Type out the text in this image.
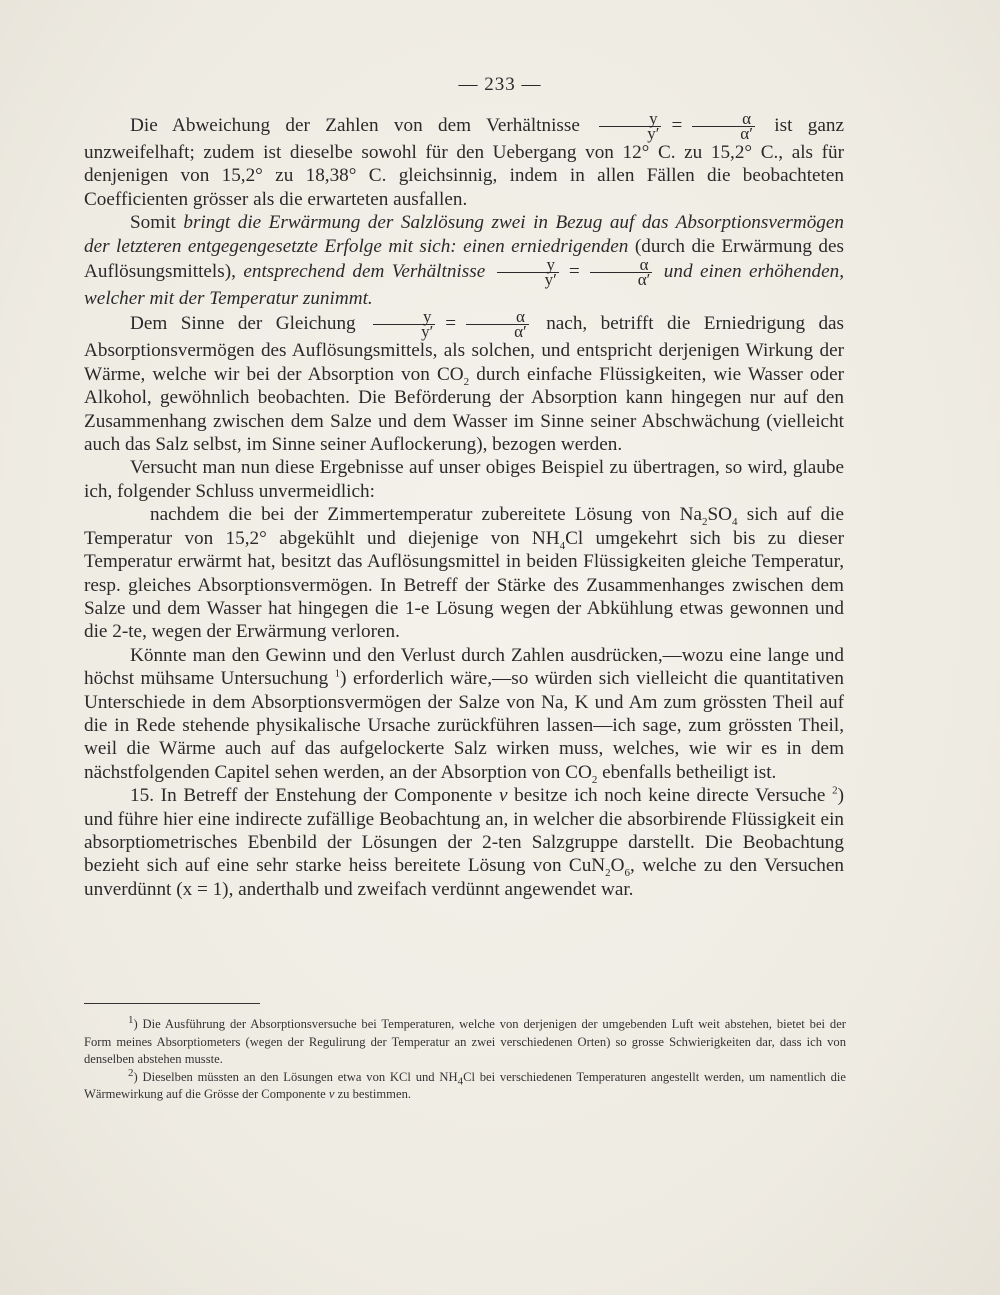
— 233 —

Die Abweichung der Zahlen von dem Verhältnisse $\frac{y}{y'} = \frac{\alpha}{\alpha'}$ ist ganz unzweifelhaft; zudem ist dieselbe sowohl für den Uebergang von 12° C. zu 15,2° C., als für denjenigen von 15,2° zu 18,38° C. gleichsinnig, indem in allen Fällen die beobachteten Coefficienten grösser als die erwarteten ausfallen.

Somit bringt die Erwärmung der Salzlösung zwei in Bezug auf das Absorptionsvermögen der letzteren entgegengesetzte Erfolge mit sich: einen erniedrigenden (durch die Erwärmung des Auflösungsmittels), entsprechend dem Verhältnisse $\frac{y}{y'} = \frac{\alpha}{\alpha'}$ und einen erhöhenden, welcher mit der Temperatur zunimmt.

Dem Sinne der Gleichung $\frac{y}{y'} = \frac{\alpha}{\alpha'}$ nach, betrifft die Erniedrigung das Absorptionsvermögen des Auflösungsmittels, als solchen, und entspricht derjenigen Wirkung der Wärme, welche wir bei der Absorption von $CO_2$ durch einfache Flüssigkeiten, wie Wasser oder Alkohol, gewöhnlich beobachten. Die Beförderung der Absorption kann hingegen nur auf den Zusammenhang zwischen dem Salze und dem Wasser im Sinne seiner Abschwächung (vielleicht auch das Salz selbst, im Sinne seiner Auflockerung), bezogen werden.

Versucht man nun diese Ergebnisse auf unser obiges Beispiel zu übertragen, so wird, glaube ich, folgender Schluss unvermeidlich:

nachdem die bei der Zimmertemperatur zubereitete Lösung von $Na_2SO_4$ sich auf die Temperatur von 15,2° abgekühlt und diejenige von $NH_4Cl$ umgekehrt sich bis zu dieser Temperatur erwärmt hat, besitzt das Auflösungsmittel in beiden Flüssigkeiten gleiche Temperatur, resp. gleiches Absorptionsvermögen. In Betreff der Stärke des Zusammenhanges zwischen dem Salze und dem Wasser hat hingegen die 1-e Lösung wegen der Abkühlung etwas gewonnen und die 2-te, wegen der Erwärmung verloren.

Könnte man den Gewinn und den Verlust durch Zahlen ausdrücken,—wozu eine lange und höchst mühsame Untersuchung $^1$) erforderlich wäre,—so würden sich vielleicht die quantitativen Unterschiede in dem Absorptionsvermögen der Salze von Na, K und Am zum grössten Theil auf die in Rede stehende physikalische Ursache zurückführen lassen—ich sage, zum grössten Theil, weil die Wärme auch auf das aufgelockerte Salz wirken muss, welches, wie wir es in dem nächstfolgenden Capitel sehen werden, an der Absorption von $CO_2$ ebenfalls betheiligt ist.

15. In Betreff der Enstehung der Componente v besitze ich noch keine directe Versuche $^2$) und führe hier eine indirecte zufällige Beobachtung an, in welcher die absorbirende Flüssigkeit ein absorptiometrisches Ebenbild der Lösungen der 2-ten Salzgruppe darstellt. Die Beobachtung bezieht sich auf eine sehr starke heiss bereitete Lösung von $CuN_2O_6$, welche zu den Versuchen unverdünnt (x = 1), anderthalb und zweifach verdünnt angewendet war.

$^1$) Die Ausführung der Absorptionsversuche bei Temperaturen, welche von derjenigen der umgebenden Luft weit abstehen, bietet bei der Form meines Absorptiometers (wegen der Regulirung der Temperatur an zwei verschiedenen Orten) so grosse Schwierigkeiten dar, dass ich von denselben abstehen musste.

$^2$) Dieselben müssten an den Lösungen etwa von KCl und $NH_4Cl$ bei verschiedenen Temperaturen angestellt werden, um namentlich die Wärmewirkung auf die Grösse der Componente v zu bestimmen.
